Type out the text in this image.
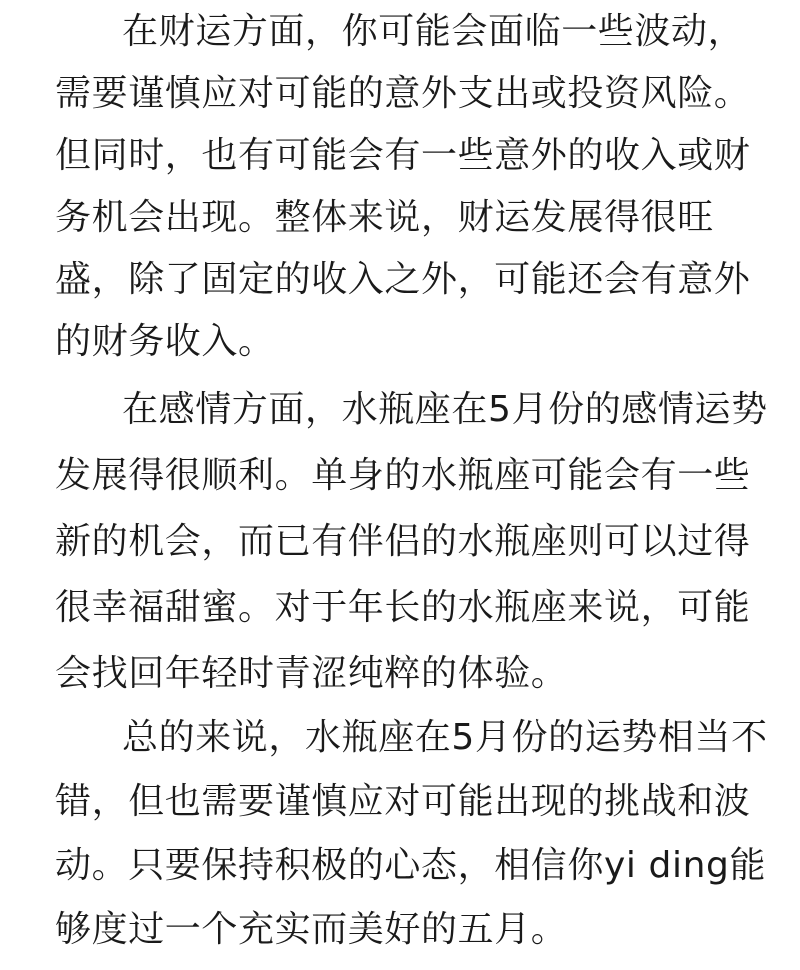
在财运方面，你可能会面临一些波动，
需要谨慎应对可能的意外支出或投资风险。
但同时，也有可能会有一些意外的收入或财
务机会出现。整体来说，财运发展得很旺
盛，除了固定的收入之外，可能还会有意外
的财务收入。
在感情方面，水瓶座在5月份的感情运势
发展得很顺利。单身的水瓶座可能会有一些
新的机会，而已有伴侣的水瓶座则可以过得
很幸福甜蜜。对于年长的水瓶座来说，可能
会找回年轻时青涩纯粹的体验。
总的来说，水瓶座在5月份的运势相当不
错，但也需要谨慎应对可能出现的挑战和波
动。只要保持积极的心态，相信你yi ding能
够度过一个充实而美好的五月。
